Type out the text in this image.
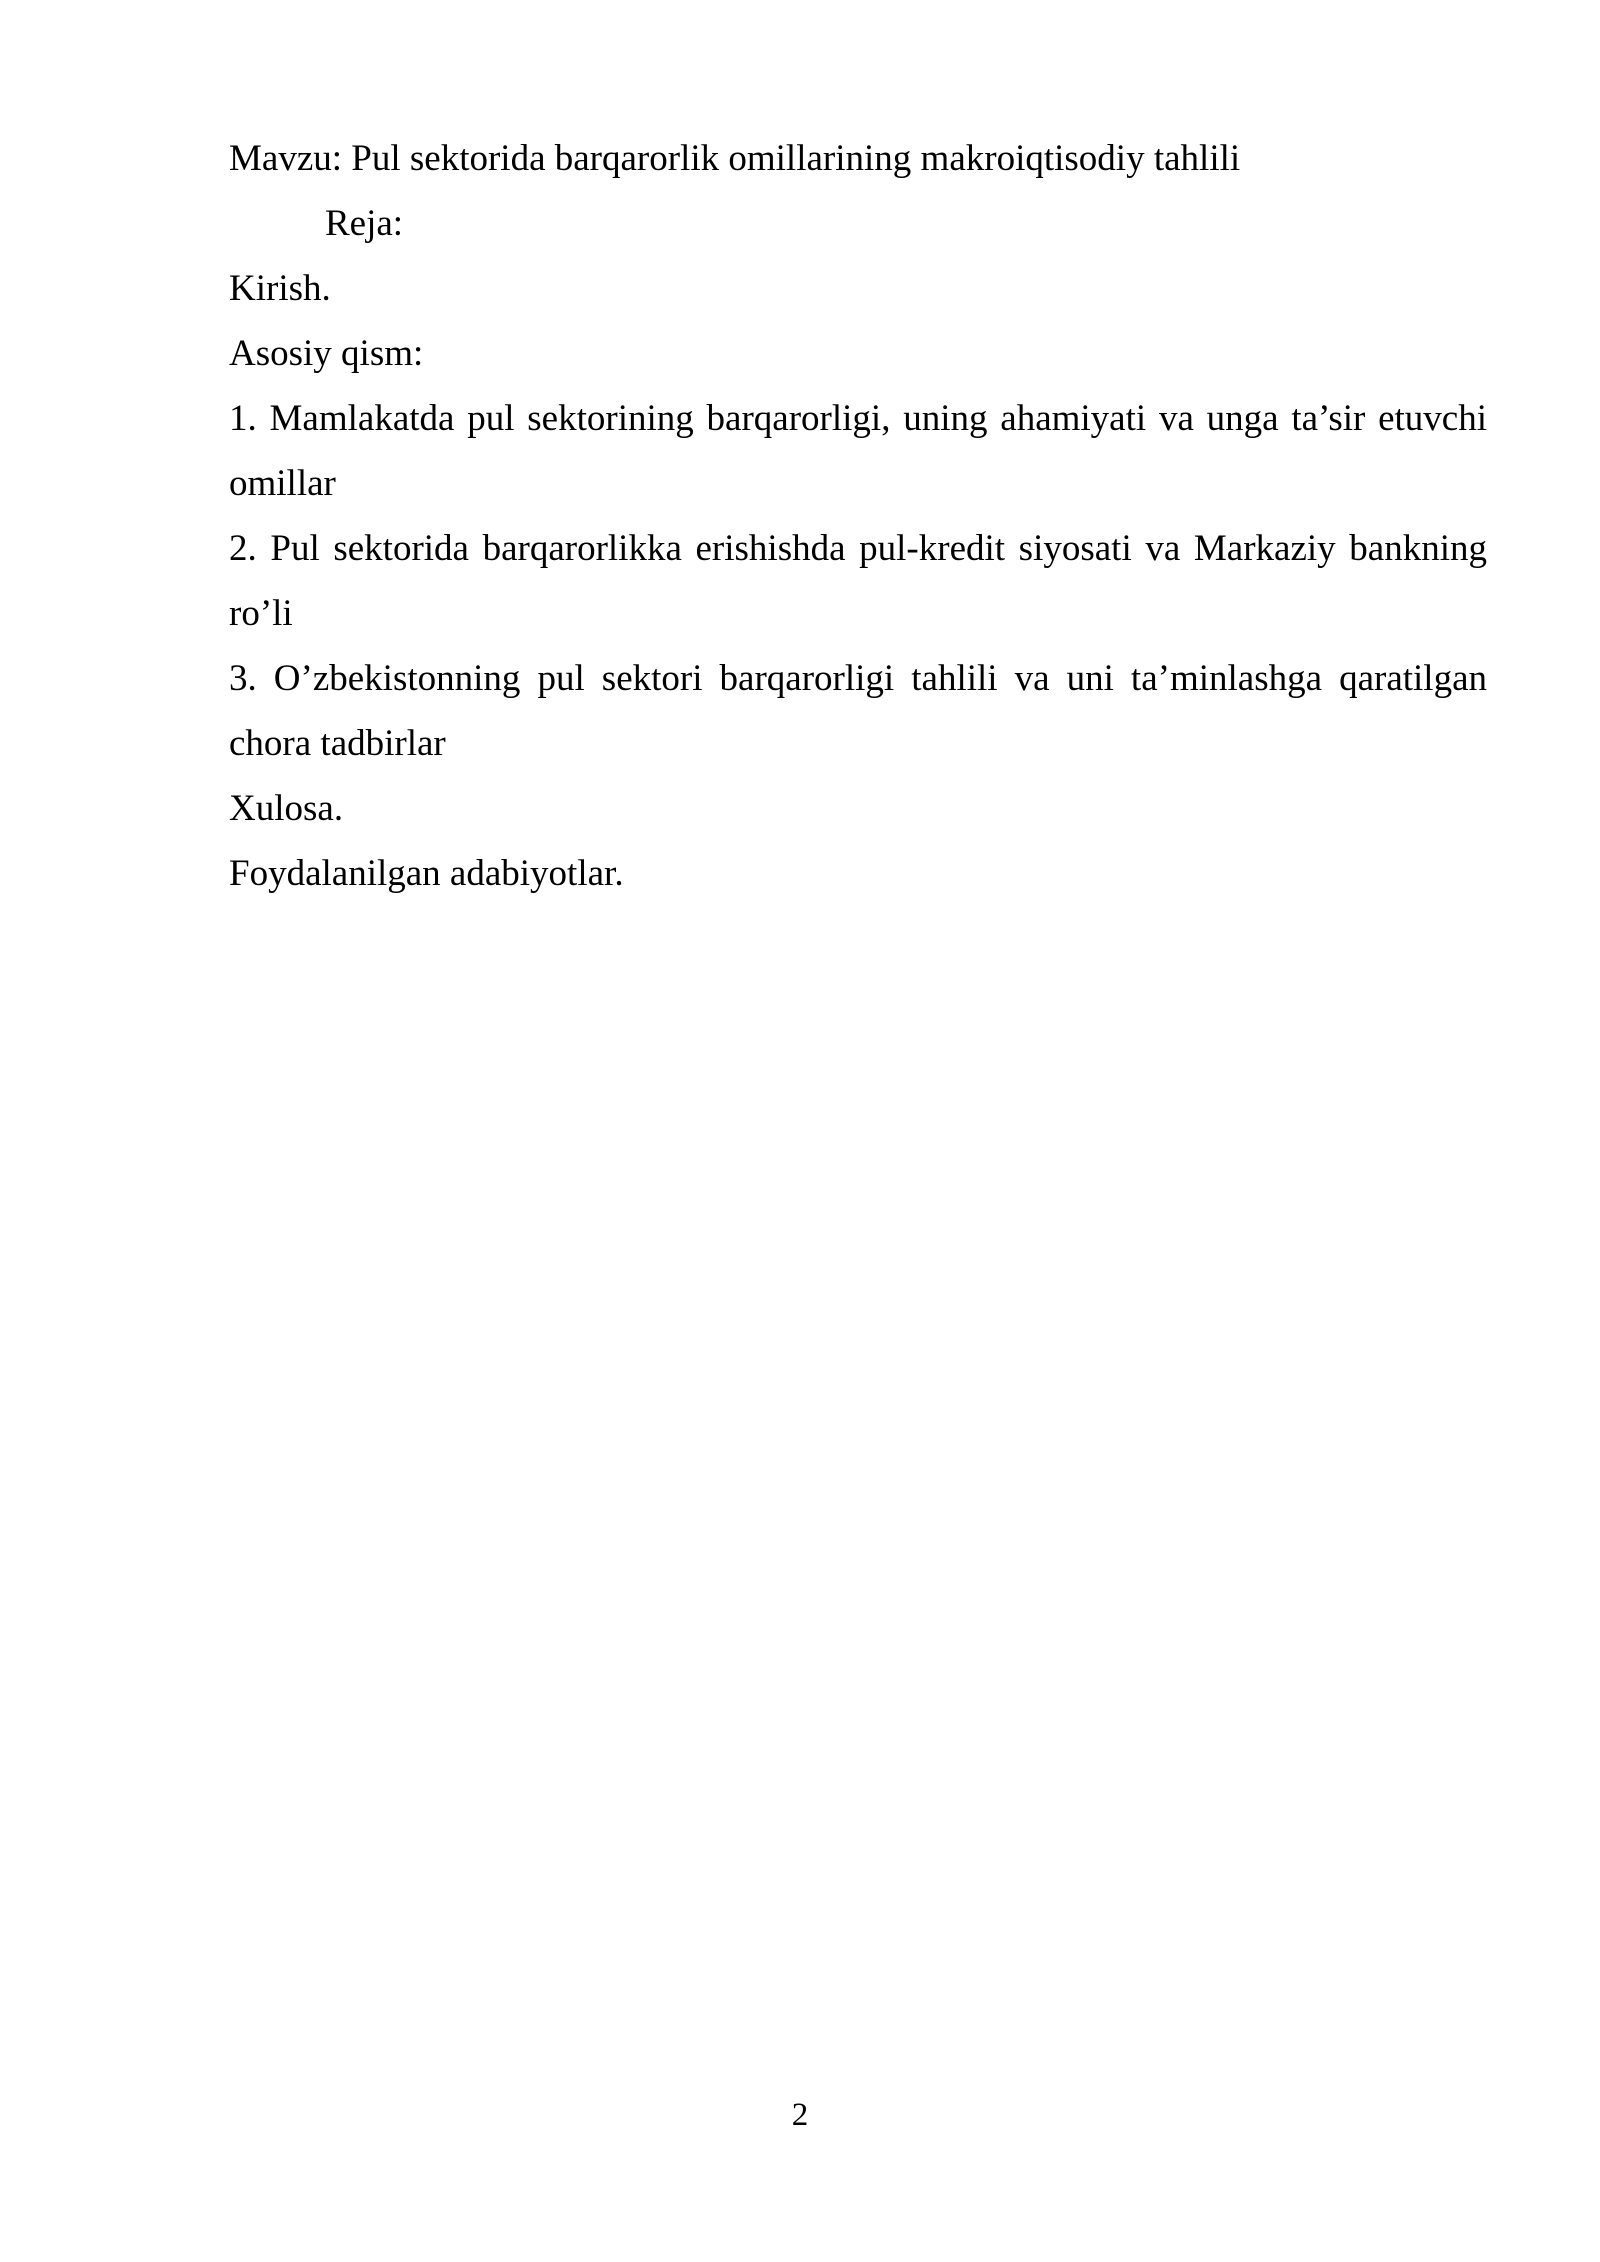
Mavzu: Pul sektorida barqarorlik omillarining makroiqtisodiy tahlili

Reja:

Kirish.

Asosiy qism:

1. Mamlakatda pul sektorining barqarorligi, uning ahamiyati va unga ta’sir etuvchi omillar

2. Pul sektorida barqarorlikka erishishda pul-kredit siyosati va Markaziy bankning ro’li

3. O’zbekistonning pul sektori barqarorligi tahlili va uni ta’minlashga qaratilgan chora tadbirlar

Xulosa.

Foydalanilgan adabiyotlar.

2
